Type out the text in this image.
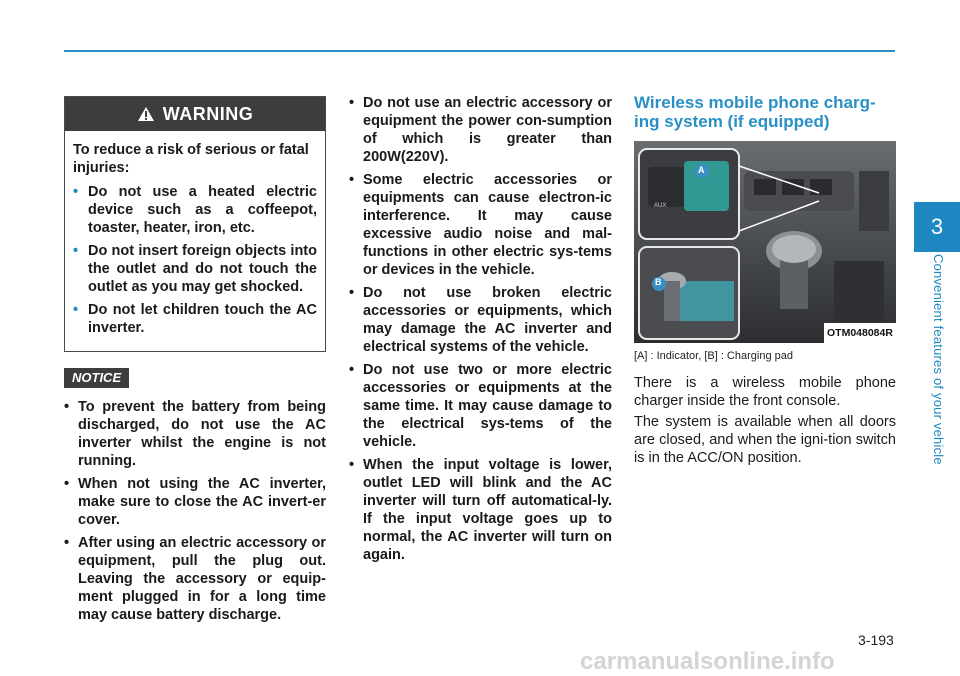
3
Convenient features of your vehicle
WARNING

To reduce a risk of serious or fatal injuries:

• Do not use a heated electric device such as a coffeepot, toaster, heater, iron, etc.
• Do not insert foreign objects into the outlet and do not touch the outlet as you may get shocked.
• Do not let children touch the AC inverter.
NOTICE
• To prevent the battery from being discharged, do not use the AC inverter whilst the engine is not running.
• When not using the AC inverter, make sure to close the AC invert-er cover.
• After using an electric accessory or equipment, pull the plug out. Leaving the accessory or equip-ment plugged in for a long time may cause battery discharge.
• Do not use an electric accessory or equipment the power con-sumption of which is greater than 200W(220V).
• Some electric accessories or equipments can cause electron-ic interference. It may cause excessive audio noise and mal-functions in other electric sys-tems or devices in the vehicle.
• Do not use broken electric accessories or equipments, which may damage the AC inverter and electrical systems of the vehicle.
• Do not use two or more electric accessories or equipments at the same time. It may cause damage to the electrical sys-tems of the vehicle.
• When the input voltage is lower, outlet LED will blink and the AC inverter will turn off automatical-ly. If the input voltage goes up to normal, the AC inverter will turn on again.
Wireless mobile phone charg-ing system (if equipped)
A
B
AUX
OTM048084R
[A] : Indicator, [B] : Charging pad

There is a wireless mobile phone charger inside the front console.

The system is available when all doors are closed, and when the igni-tion switch is in the ACC/ON position.

3-193
carmanualsonline.info
